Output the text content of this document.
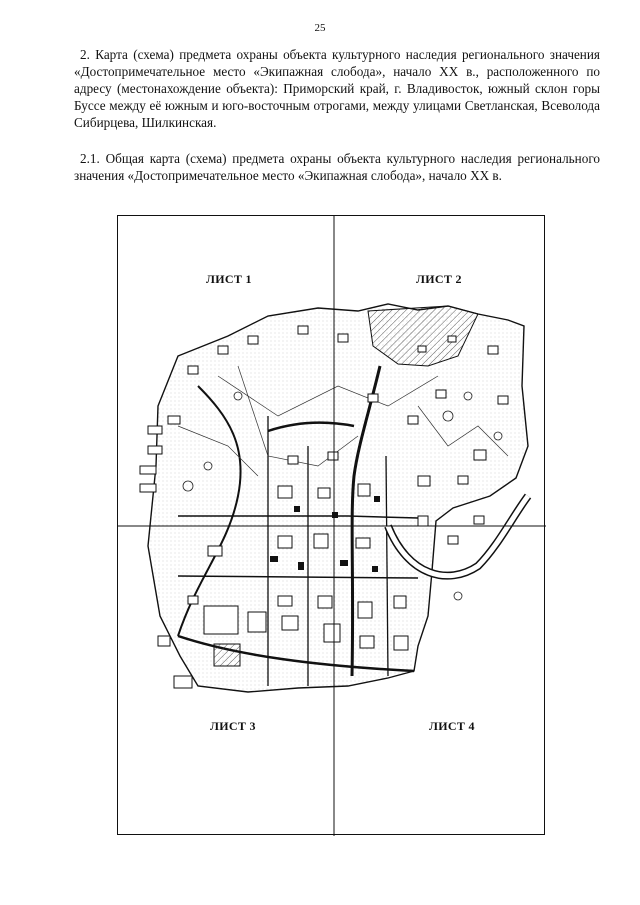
25

2. Карта (схема) предмета охраны объекта культурного наследия регионального значения «Достопримечательное место «Экипажная слобода», начало XX в., расположенного по адресу (местонахождение объекта): Приморский край, г. Владивосток, южный склон горы Буссе между её южным и юго-восточным отрогами, между улицами Светланская, Всеволода Сибирцева, Шилкинская.

2.1. Общая карта (схема) предмета охраны объекта культурного наследия регионального значения «Достопримечательное место «Экипажная слобода», начало XX в.

ЛИСТ 1	ЛИСТ 2
ЛИСТ 3	ЛИСТ 4
